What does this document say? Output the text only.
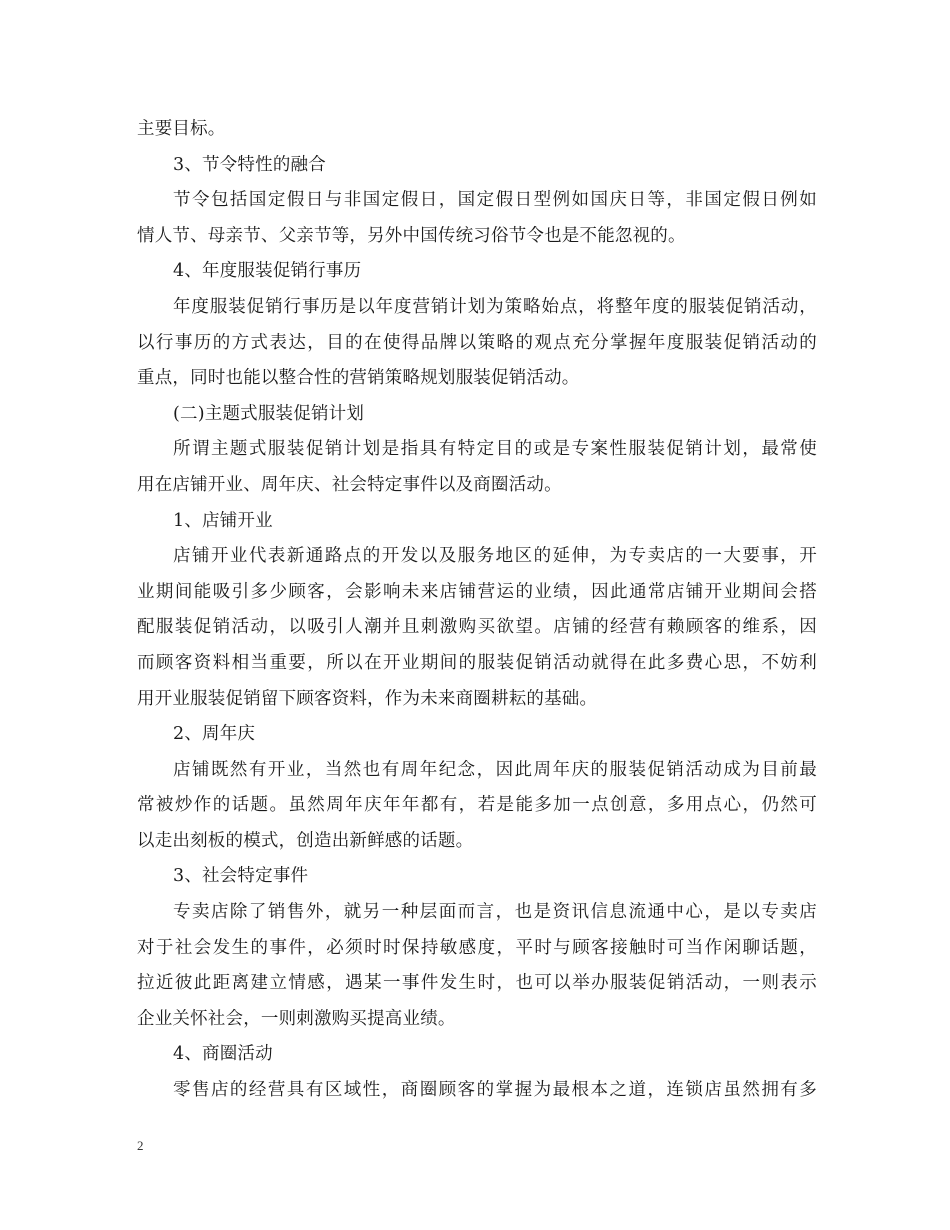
主要目标。
3、节令特性的融合
节令包括国定假日与非国定假日，国定假日型例如国庆日等，非国定假日例如
情人节、母亲节、父亲节等，另外中国传统习俗节令也是不能忽视的。
4、年度服装促销行事历
年度服装促销行事历是以年度营销计划为策略始点，将整年度的服装促销活动，
以行事历的方式表达，目的在使得品牌以策略的观点充分掌握年度服装促销活动的
重点，同时也能以整合性的营销策略规划服装促销活动。
(二)主题式服装促销计划
所谓主题式服装促销计划是指具有特定目的或是专案性服装促销计划，最常使
用在店铺开业、周年庆、社会特定事件以及商圈活动。
1、店铺开业
店铺开业代表新通路点的开发以及服务地区的延伸，为专卖店的一大要事，开
业期间能吸引多少顾客，会影响未来店铺营运的业绩，因此通常店铺开业期间会搭
配服装促销活动，以吸引人潮并且刺激购买欲望。店铺的经营有赖顾客的维系，因
而顾客资料相当重要，所以在开业期间的服装促销活动就得在此多费心思，不妨利
用开业服装促销留下顾客资料，作为未来商圈耕耘的基础。
2、周年庆
店铺既然有开业，当然也有周年纪念，因此周年庆的服装促销活动成为目前最
常被炒作的话题。虽然周年庆年年都有，若是能多加一点创意，多用点心，仍然可
以走出刻板的模式，创造出新鲜感的话题。
3、社会特定事件
专卖店除了销售外，就另一种层面而言，也是资讯信息流通中心，是以专卖店
对于社会发生的事件，必须时时保持敏感度，平时与顾客接触时可当作闲聊话题，
拉近彼此距离建立情感，遇某一事件发生时，也可以举办服装促销活动，一则表示
企业关怀社会，一则刺激购买提高业绩。
4、商圈活动
零售店的经营具有区域性，商圈顾客的掌握为最根本之道，连锁店虽然拥有多
2
